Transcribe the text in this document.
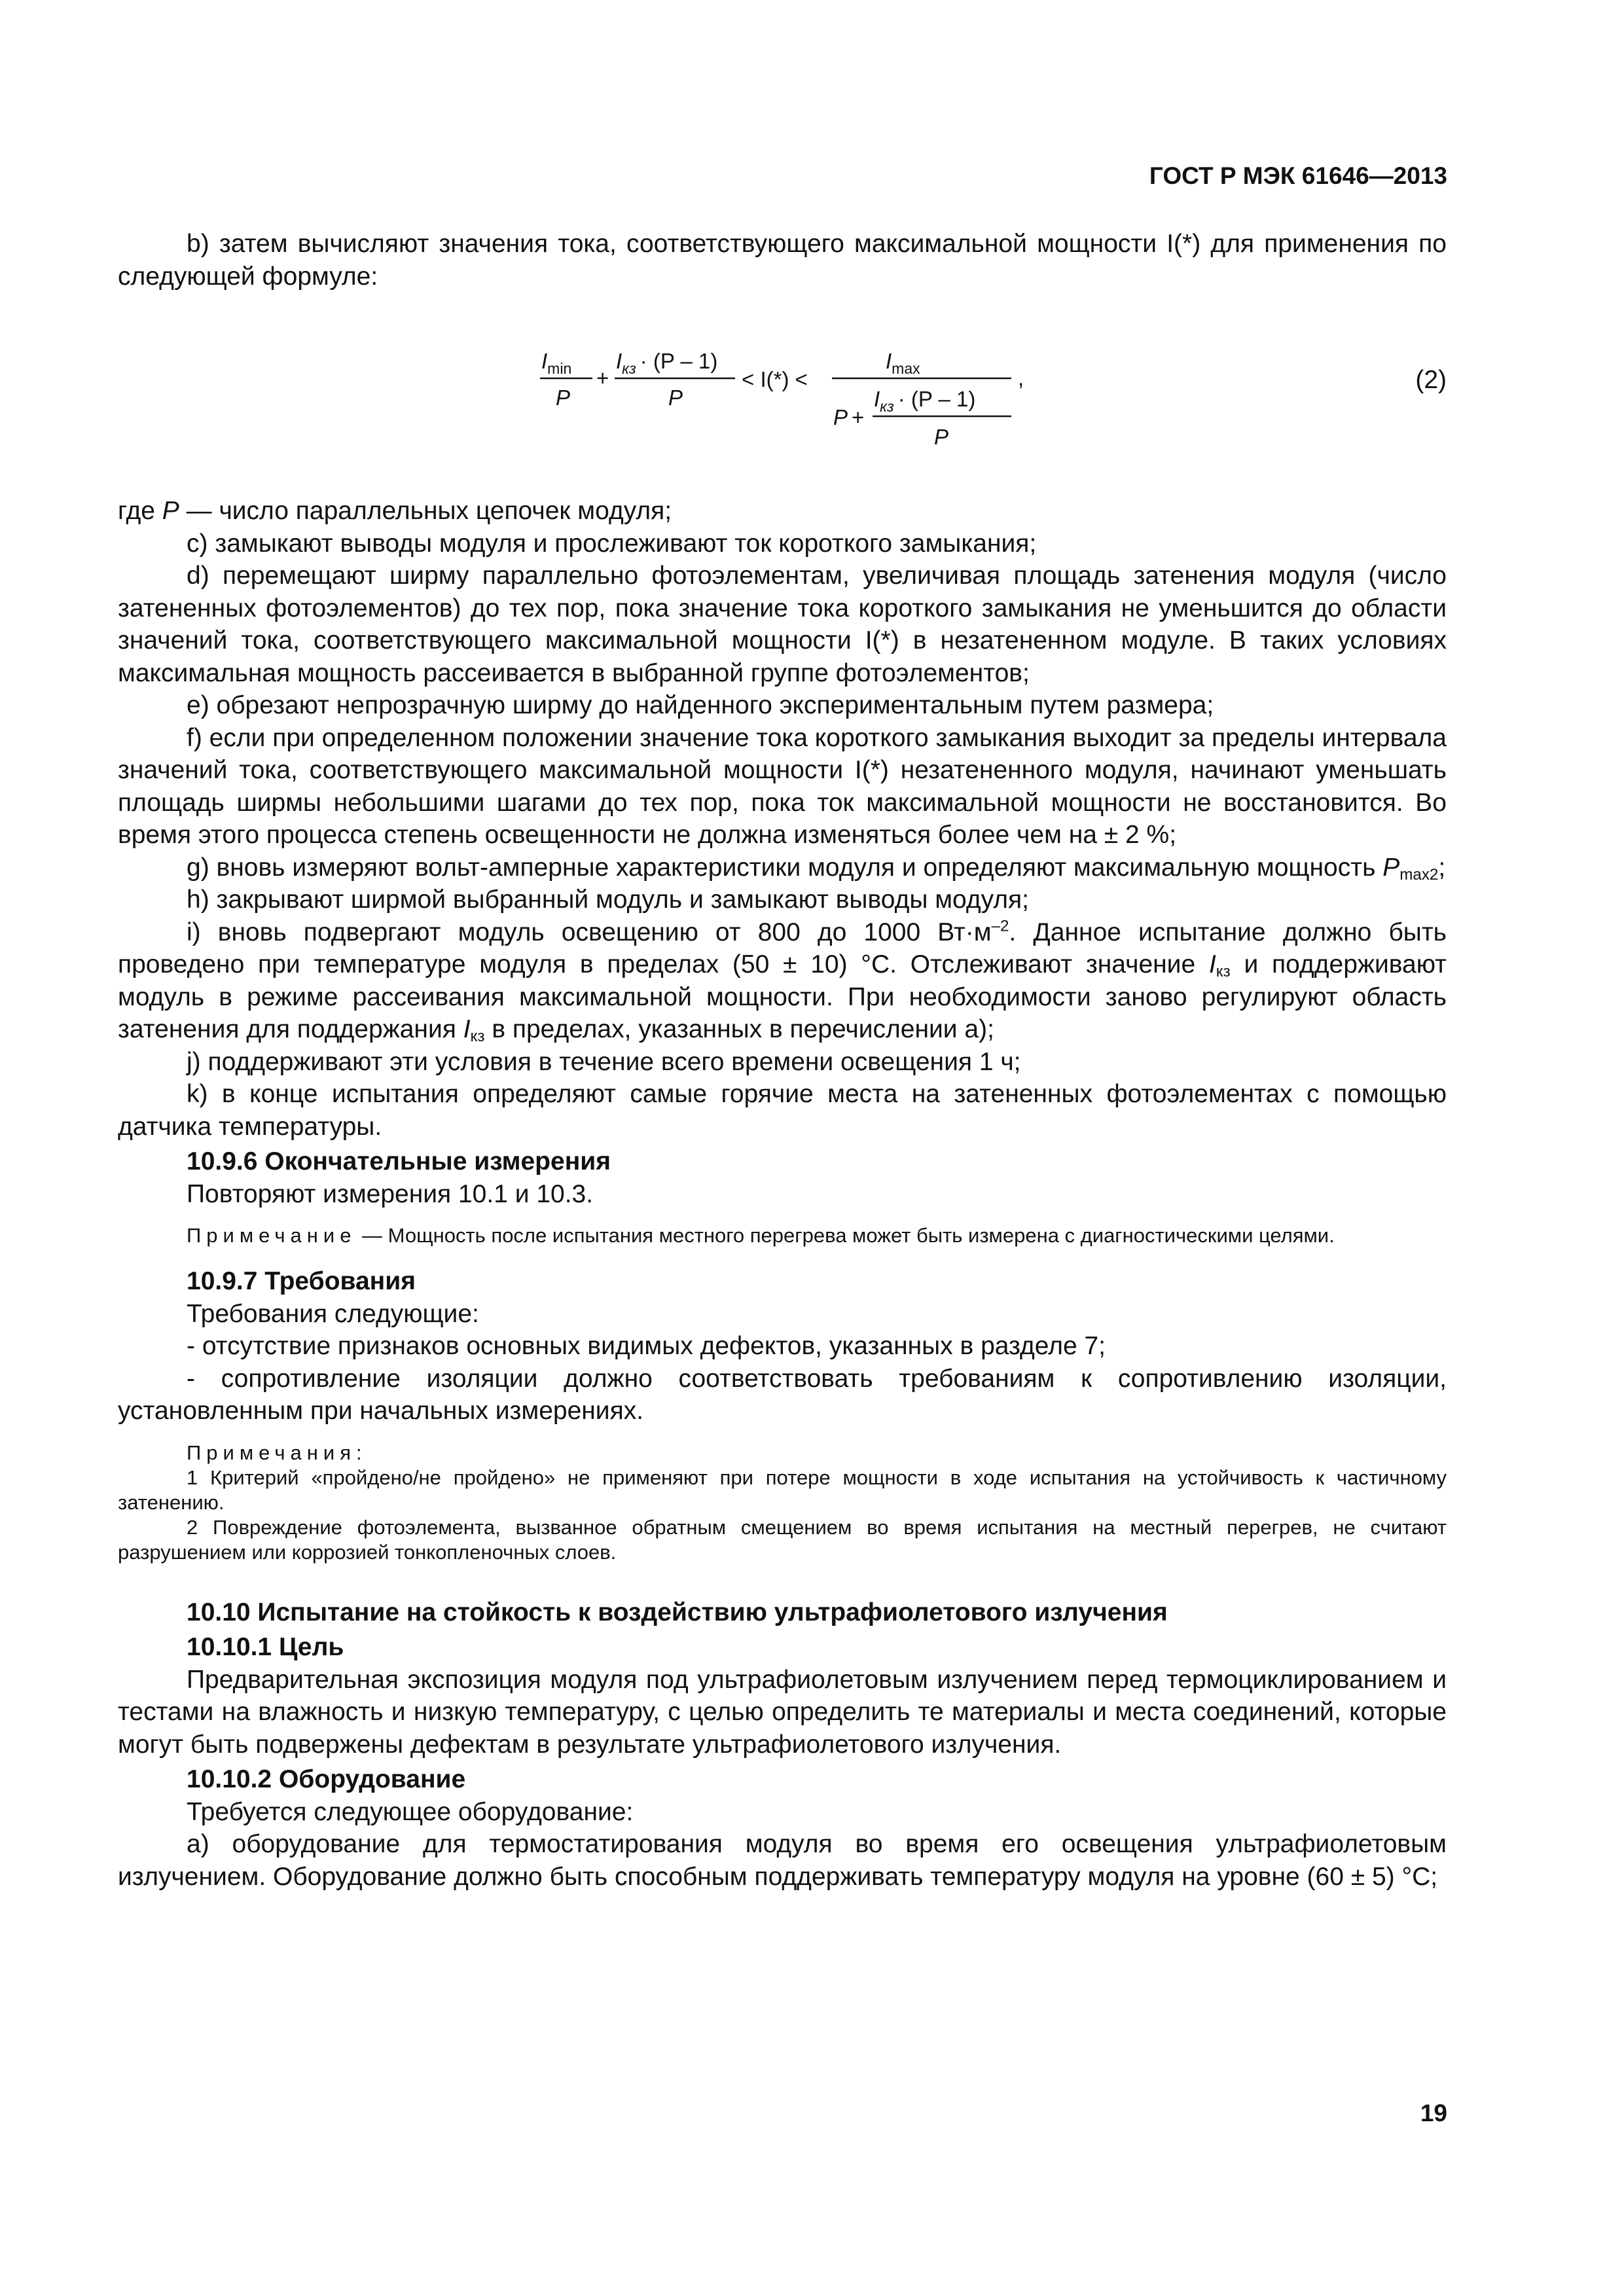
ГОСТ Р МЭК 61646—2013

b) затем вычисляют значения тока, соответствующего максимальной мощности I(*) для применения по следующей формуле:

$I_{min}$
P
+
$I_{кз} \cdot (P - 1)$
P
< I(*) <
$I_{max}$
P +
$I_{кз} \cdot (P - 1)$
P
,	(2)

где P — число параллельных цепочек модуля;

c) замыкают выводы модуля и прослеживают ток короткого замыкания;

d) перемещают ширму параллельно фотоэлементам, увеличивая площадь затенения модуля (число затененных фотоэлементов) до тех пор, пока значение тока короткого замыкания не уменьшится до области значений тока, соответствующего максимальной мощности I(*) в незатененном модуле. В таких условиях максимальная мощность рассеивается в выбранной группе фотоэлементов;

e) обрезают непрозрачную ширму до найденного экспериментальным путем размера;

f) если при определенном положении значение тока короткого замыкания выходит за пределы интервала значений тока, соответствующего максимальной мощности I(*) незатененного модуля, начинают уменьшать площадь ширмы небольшими шагами до тех пор, пока ток максимальной мощности не восстановится. Во время этого процесса степень освещенности не должна изменяться более чем на ± 2 %;

g) вновь измеряют вольт-амперные характеристики модуля и определяют максимальную мощность $P_{max2}$;

h) закрывают ширмой выбранный модуль и замыкают выводы модуля;

i) вновь подвергают модуль освещению от 800 до 1000 $Вт\cdot м^{-2}$. Данное испытание должно быть проведено при температуре модуля в пределах (50 ± 10) °С. Отслеживают значение $I_{кз}$ и поддерживают модуль в режиме рассеивания максимальной мощности. При необходимости заново регулируют область затенения для поддержания $I_{кз}$ в пределах, указанных в перечислении a);

j) поддерживают эти условия в течение всего времени освещения 1 ч;

k) в конце испытания определяют самые горячие места на затененных фотоэлементах с помощью датчика температуры.

10.9.6 Окончательные измерения

Повторяют измерения 10.1 и 10.3.

Примечание — Мощность после испытания местного перегрева может быть измерена с диагностическими целями.

10.9.7 Требования

Требования следующие:

- отсутствие признаков основных видимых дефектов, указанных в разделе 7;

- сопротивление изоляции должно соответствовать требованиям к сопротивлению изоляции, установленным при начальных измерениях.

Примечания:

1 Критерий «пройдено/не пройдено» не применяют при потере мощности в ходе испытания на устойчивость к частичному затенению.

2 Повреждение фотоэлемента, вызванное обратным смещением во время испытания на местный перегрев, не считают разрушением или коррозией тонкопленочных слоев.

10.10 Испытание на стойкость к воздействию ультрафиолетового излучения

10.10.1 Цель

Предварительная экспозиция модуля под ультрафиолетовым излучением перед термоциклированием и тестами на влажность и низкую температуру, с целью определить те материалы и места соединений, которые могут быть подвержены дефектам в результате ультрафиолетового излучения.

10.10.2 Оборудование

Требуется следующее оборудование:

a) оборудование для термостатирования модуля во время его освещения ультрафиолетовым излучением. Оборудование должно быть способным поддерживать температуру модуля на уровне (60 ± 5) °С;

19
